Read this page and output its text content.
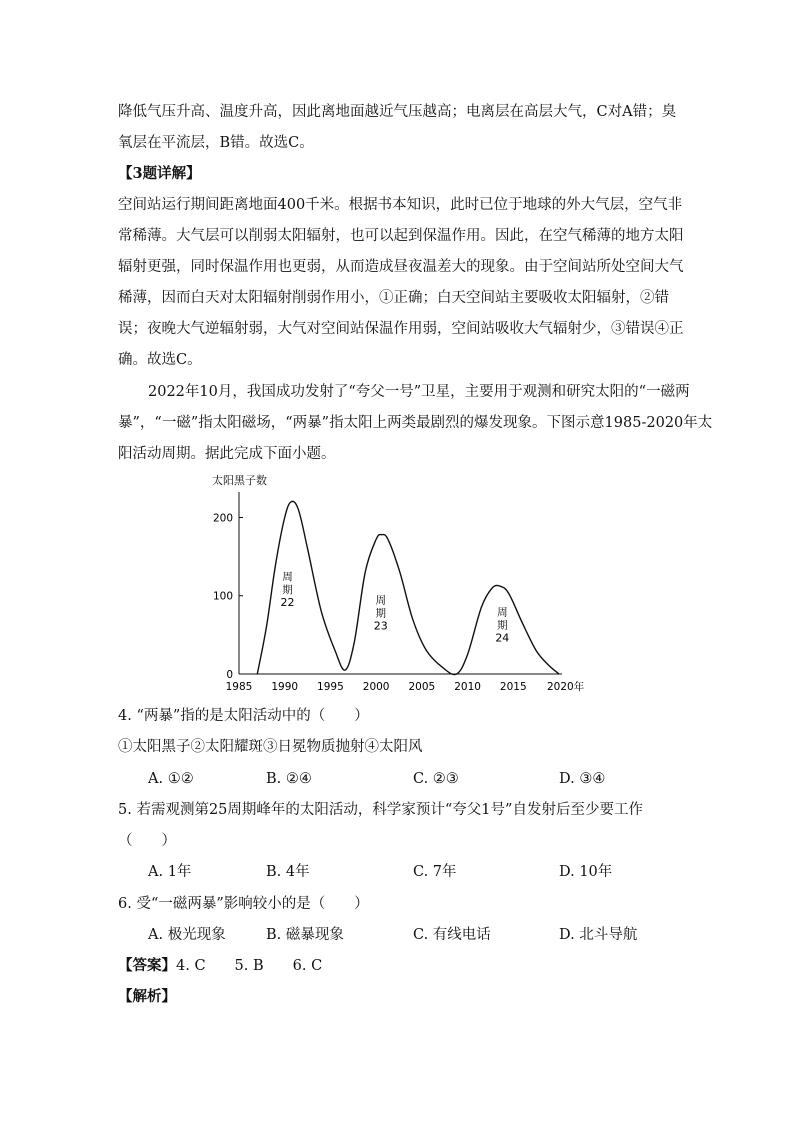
降低气压升高、温度升高，因此离地面越近气压越高；电离层在高层大气，C对A错；臭
氧层在平流层，B错。故选C。
【3题详解】
空间站运行期间距离地面400千米。根据书本知识，此时已位于地球的外大气层，空气非
常稀薄。大气层可以削弱太阳辐射，也可以起到保温作用。因此，在空气稀薄的地方太阳
辐射更强，同时保温作用也更弱，从而造成昼夜温差大的现象。由于空间站所处空间大气
稀薄，因而白天对太阳辐射削弱作用小，①正确；白天空间站主要吸收太阳辐射，②错
误；夜晚大气逆辐射弱，大气对空间站保温作用弱，空间站吸收大气辐射少，③错误④正
确。故选C。
2022年10月，我国成功发射了“夸父一号”卫星，主要用于观测和研究太阳的“一磁两
暴”，“一磁”指太阳磁场，“两暴”指太阳上两类最剧烈的爆发现象。下图示意1985-2020年太
阳活动周期。据此完成下面小题。
太阳黑子数
1985 1990 1995 2000 2005 2010 2015 2020年
0
100
200
周
期
22	周
期
23
周
期
24
4. “两暴”指的是太阳活动中的（　　）
①太阳黑子②太阳耀斑③日冕物质抛射④太阳风
A. ①②	B. ②④	C. ②③	D. ③④
5. 若需观测第25周期峰年的太阳活动，科学家预计“夸父1号”自发射后至少要工作
（　　）
A. 1年	B. 4年	C. 7年	D. 10年
6. 受“一磁两暴”影响较小的是（　　）
A. 极光现象	B. 磁暴现象	C. 有线电话	D. 北斗导航
【答案】4. C　　5. B　　6. C
【解析】
